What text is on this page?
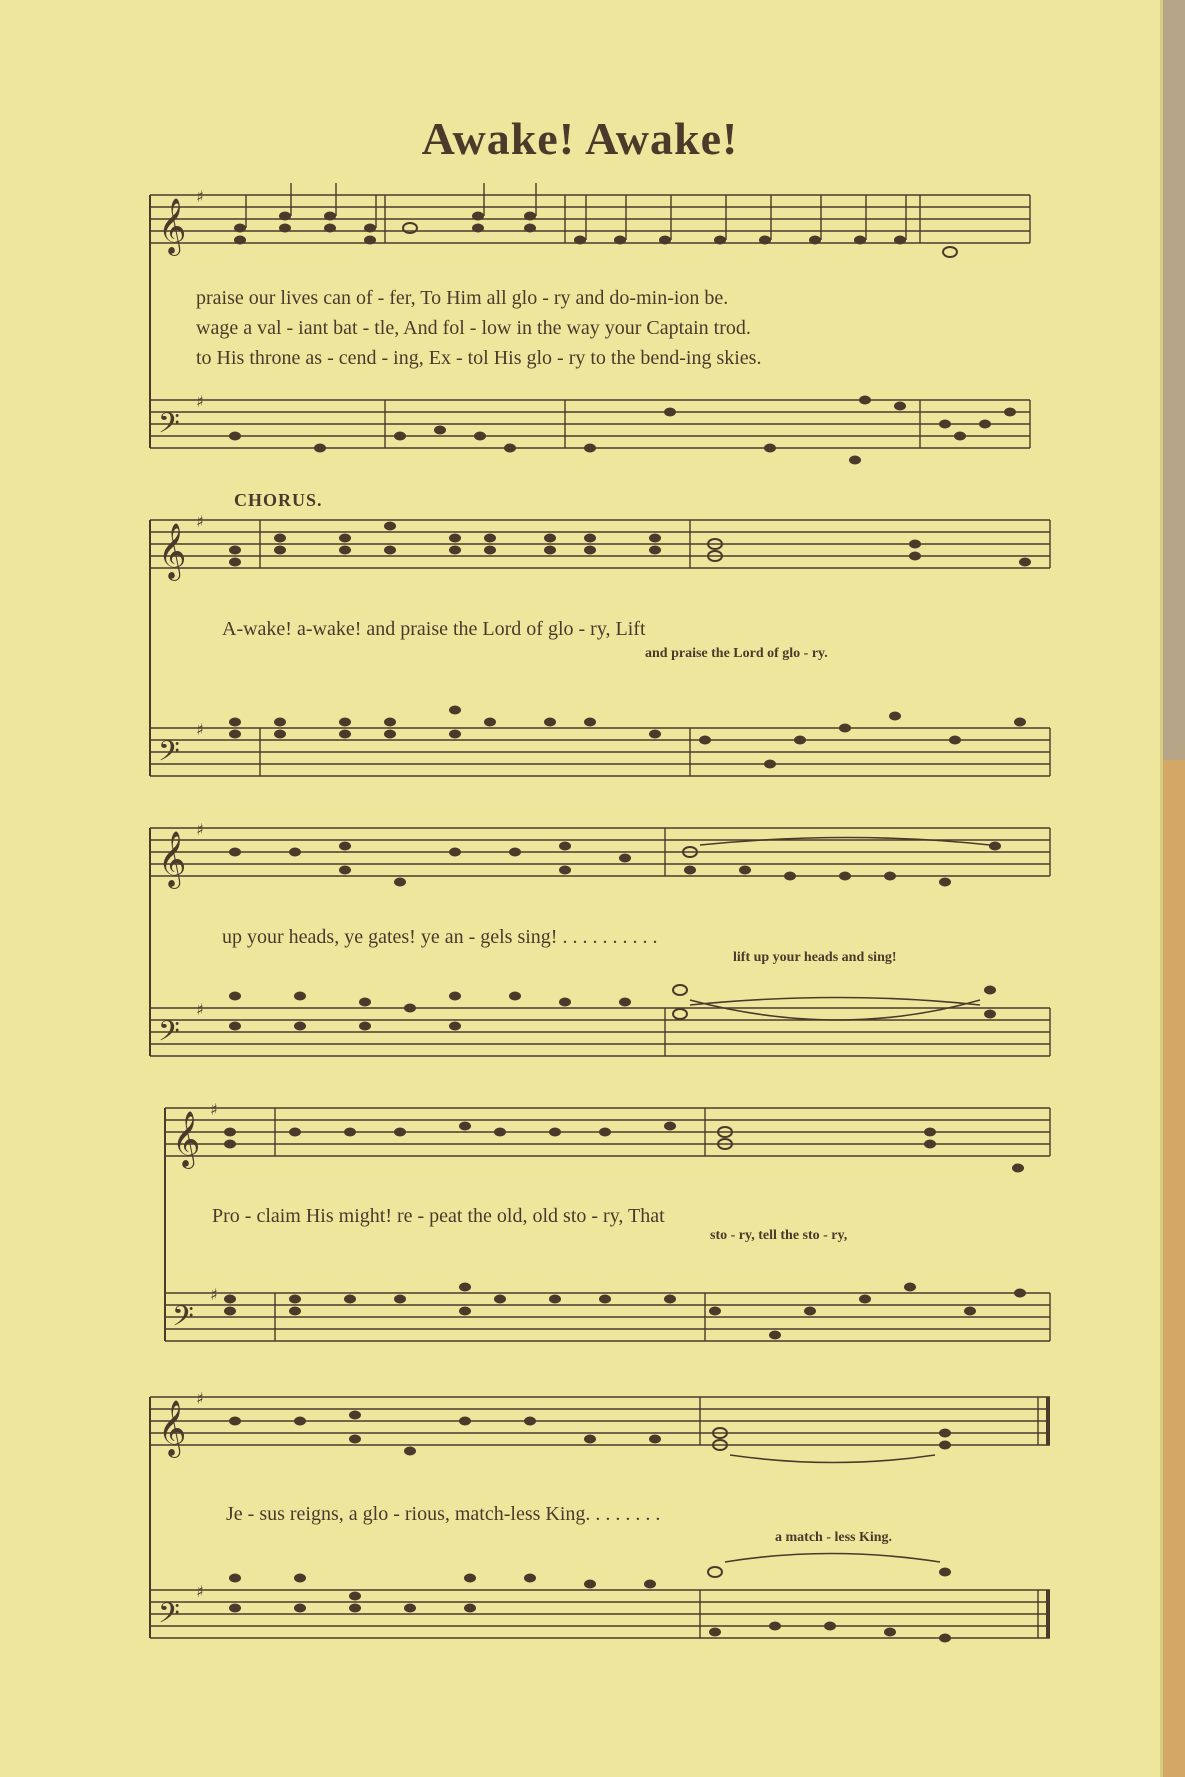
Awake! Awake!
𝄞
𝄢
𝄞
𝄢
𝄞
𝄢
𝄞
𝄢
𝄞
𝄢
♯
♯
♯
♯
♯
♯
♯
♯
♯
♯
praise our lives can of - fer, To Him all glo - ry and do-min-ion be.
wage a val - iant bat - tle, And fol - low in the way your Captain trod.
to His throne as - cend - ing, Ex - tol His glo - ry to the bend-ing skies.
CHORUS.
A-wake! a-wake! and praise the Lord of glo - ry, Lift
and praise the Lord of glo - ry.
up your heads, ye gates! ye an - gels sing! . . . . . . . . . .
lift up your heads and sing!
Pro - claim His might! re - peat the old, old sto - ry, That
sto - ry, tell the sto - ry,
Je - sus reigns, a glo - rious, match-less King. . . . . . . .
a match - less King.
